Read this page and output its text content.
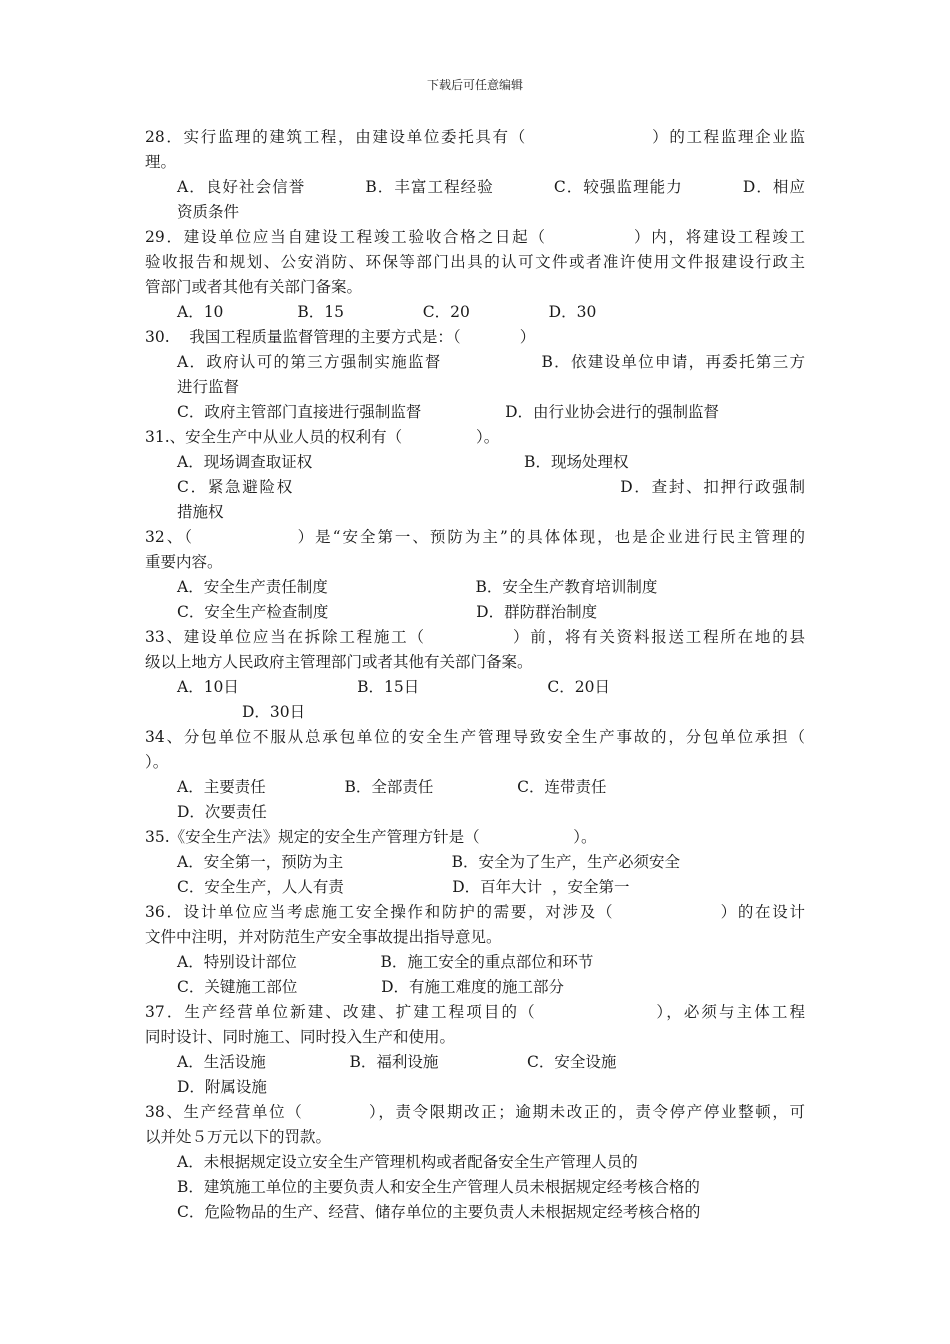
下载后可任意编辑
28．实行监理的建筑工程，由建设单位委托具有（                   ）的工程监理企业监
理。
A．良好社会信誉          B．丰富工程经验          C．较强监理能力          D．相应
资质条件
29．建设单位应当自建设工程竣工验收合格之日起（             ）内，将建设工程竣工
验收报告和规划、公安消防、环保等部门出具的认可文件或者准许使用文件报建设行政主
管部门或者其他有关部门备案。
A．10               B．15                C．20                D．30
30.    我国工程质量监督管理的主要方式是：（            ）
A．政府认可的第三方强制实施监督                B．依建设单位申请，再委托第三方
进行监督
C．政府主管部门直接进行强制监督                 D．由行业协会进行的强制监督
31.、安全生产中从业人员的权利有（               ）。
A．现场调查取证权                                           B．现场处理权
C．紧急避险权                                                 D．查封、扣押行政强制
措施权
32、（               ）是“安全第一、预防为主”的具体体现，也是企业进行民主管理的
重要内容。
A．安全生产责任制度                              B．安全生产教育培训制度
C．安全生产检查制度                              D．群防群治制度
33、建设单位应当在拆除工程施工（             ）前，将有关资料报送工程所在地的县
级以上地方人民政府主管理部门或者其他有关部门备案。
A．10日                        B．15日                          C．20日
D．30日
34、分包单位不服从总承包单位的安全生产管理导致安全生产事故的，分包单位承担（
）。
A．主要责任                B．全部责任                 C．连带责任
D．次要责任
35.《安全生产法》规定的安全生产管理方针是（                   ）。
A．安全第一，预防为主                      B．安全为了生产，生产必须安全
C．安全生产，人人有责                      D．百年大计  ，安全第一
36．设计单位应当考虑施工安全操作和防护的需要，对涉及（                ）的在设计
文件中注明，并对防范生产安全事故提出指导意见。
A．特别设计部位                 B．施工安全的重点部位和环节
C．关键施工部位                 D．有施工难度的施工部分
37．生产经营单位新建、改建、扩建工程项目的（                 ），必须与主体工程
同时设计、同时施工、同时投入生产和使用。
A．生活设施                 B．福利设施                  C．安全设施
D．附属设施
38、生产经营单位（          ），责令限期改正；逾期未改正的，责令停产停业整顿，可
以并处５万元以下的罚款。
A．未根据规定设立安全生产管理机构或者配备安全生产管理人员的
B．建筑施工单位的主要负责人和安全生产管理人员未根据规定经考核合格的
C．危险物品的生产、经营、储存单位的主要负责人未根据规定经考核合格的
